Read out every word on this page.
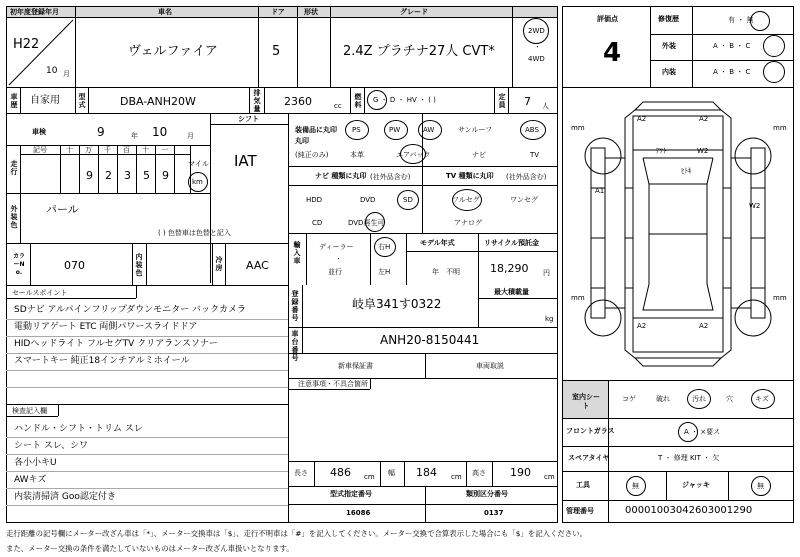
初年度登録年月
H22
10 月
車名
ヴェルファイア
ドア
5
形状	グレード
2.4Z プラチナ27人 CVT*
2WD
・
4WD
車歴 自家用	型式	DBA-ANH20W
排気量
2360	cc
燃料
G ・ D ・ HV ・ ( )	定員 7 人
車検	9	年 10	月
シフト
IAT
走行
記号	十 万 千 百 十 一
9 2 3 5 9
マイル
km
外装色
パール
( ) 色替車は色替と記入
カラーNo.
070
内装色
冷房 AAC
装備品に丸印
丸印
(純正のみ)
PS	PW	AW	サンルーフ	ABS
本革	エアバック	ナビ	TV
ナビ 種類に丸印 (社外品含む)	TV 種類に丸印 (社外品含む)
HDD	DVD	SD
CD	DVD再生可
フルセグ	ワンセグ
アナログ
輸入車
ディーラー
・
並行
右H
左H
モデル年式
年　不明
リサイクル預託金
18,290 円
セールスポイント
SDナビ アルパインフリップダウンモニター バックカメラ
電動リアゲート ETC 両側パワースライドドア
HIDヘッドライト フルセグTV クリアランスソナー
スマートキー 純正18インチアルミホイール
検査記入欄
ハンドル・シフト・トリム スレ
シート スレ、シワ
各小小キU
AWキズ
内装清掃済 Goo認定付き
登録番号
岐阜341す0322
最大積載量
kg
車台番号
ANH20-8150441
新車保証書	車両取説
注意事項・不具合箇所
長さ 486 cm 幅 184 cm 高さ 190 cm
型式指定番号	類別区分番号
16086	0137
評価点
4
修復歴	有 ・ 無
外装	A ・ B ・ C
内装	A ・ B ・ C
A2	A2
ｱﾌﾄ	W2
ﾋﾄｷ
A1
W2
A2	A2
mm	mm
mm	mm
室内シート
コゲ	破れ	汚れ	穴	キズ
フロントガラス	A ・ ×要ス
スペアタイヤ	T ・ 修理 KIT ・ 欠
工具	無	ジャッキ	無
管理番号	00001003042603001290
走行距離の記号欄にメーター改ざん車は「*」、メーター交換車は「$」、走行不明車は「#」を記入してください。メーター交換で合算表示した場合にも「$」を記入ください。
また、メーター交換の条件を満たしていないものはメーター改ざん車扱いとなります。
